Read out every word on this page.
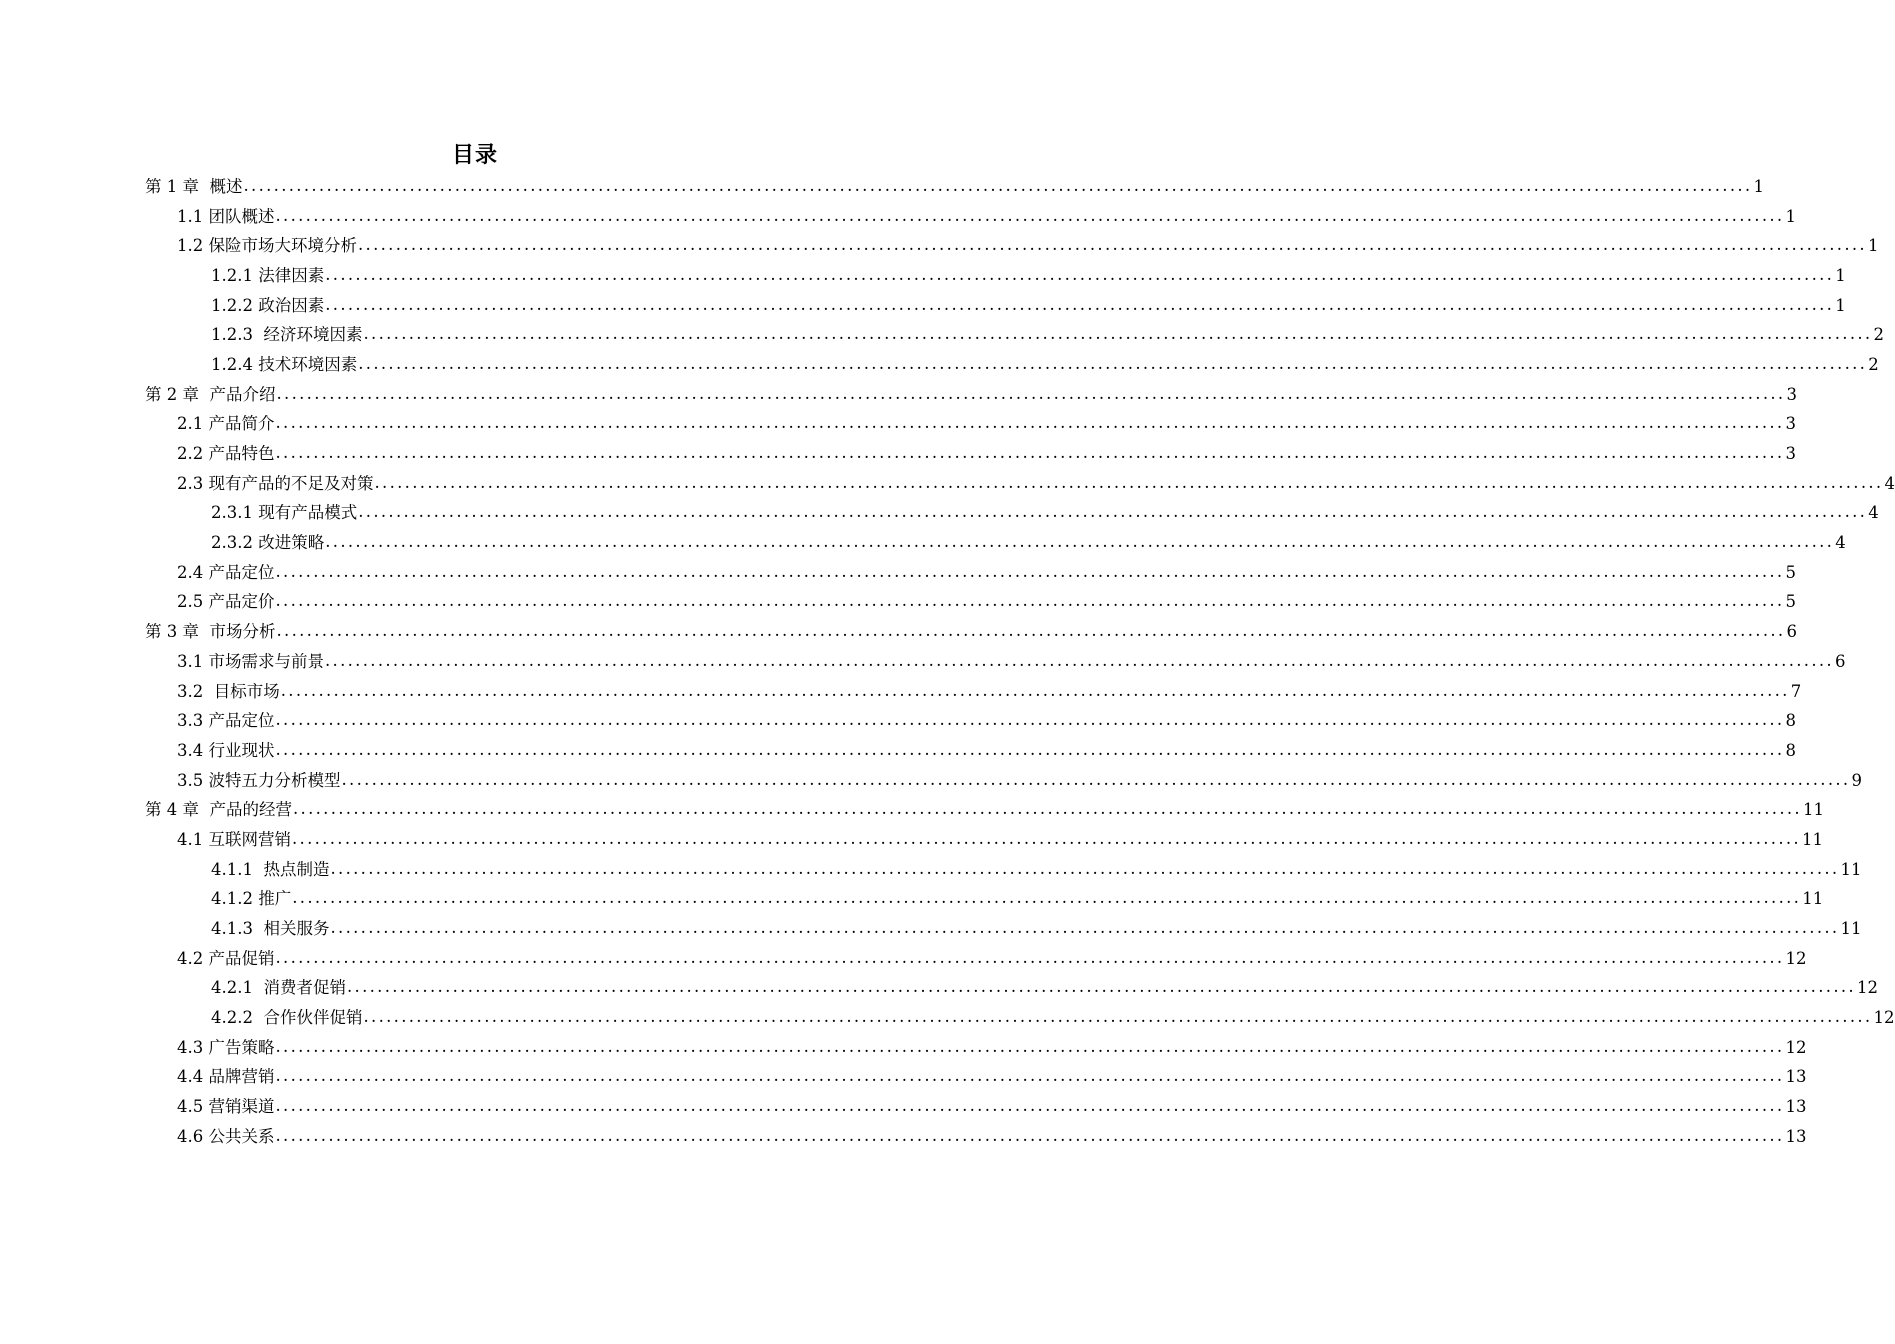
目录
第 1 章  概述 ........................................................................................................................................................................................................ 1
1.1 团队概述 ........................................................................................................................................................................................................ 1
1.2 保险市场大环境分析 ........................................................................................................................................................................................................ 1
1.2.1 法律因素 ........................................................................................................................................................................................................ 1
1.2.2 政治因素 ........................................................................................................................................................................................................ 1
1.2.3  经济环境因素 ........................................................................................................................................................................................................ 2
1.2.4 技术环境因素 ........................................................................................................................................................................................................ 2
第 2 章  产品介绍 ........................................................................................................................................................................................................ 3
2.1 产品简介 ........................................................................................................................................................................................................ 3
2.2 产品特色 ........................................................................................................................................................................................................ 3
2.3 现有产品的不足及对策 ........................................................................................................................................................................................................ 4
2.3.1 现有产品模式 ........................................................................................................................................................................................................ 4
2.3.2 改进策略 ........................................................................................................................................................................................................ 4
2.4 产品定位 ........................................................................................................................................................................................................ 5
2.5 产品定价 ........................................................................................................................................................................................................ 5
第 3 章  市场分析 ........................................................................................................................................................................................................ 6
3.1 市场需求与前景 ........................................................................................................................................................................................................ 6
3.2  目标市场 ........................................................................................................................................................................................................ 7
3.3 产品定位 ........................................................................................................................................................................................................ 8
3.4 行业现状 ........................................................................................................................................................................................................ 8
3.5 波特五力分析模型 ........................................................................................................................................................................................................ 9
第 4 章  产品的经营 ........................................................................................................................................................................................................ 11
4.1 互联网营销 ........................................................................................................................................................................................................ 11
4.1.1  热点制造 ........................................................................................................................................................................................................ 11
4.1.2 推广 ........................................................................................................................................................................................................ 11
4.1.3  相关服务 ........................................................................................................................................................................................................ 11
4.2 产品促销 ........................................................................................................................................................................................................ 12
4.2.1  消费者促销 ........................................................................................................................................................................................................ 12
4.2.2  合作伙伴促销 ........................................................................................................................................................................................................ 12
4.3 广告策略 ........................................................................................................................................................................................................ 12
4.4 品牌营销 ........................................................................................................................................................................................................ 13
4.5 营销渠道 ........................................................................................................................................................................................................ 13
4.6 公共关系 ........................................................................................................................................................................................................ 13
